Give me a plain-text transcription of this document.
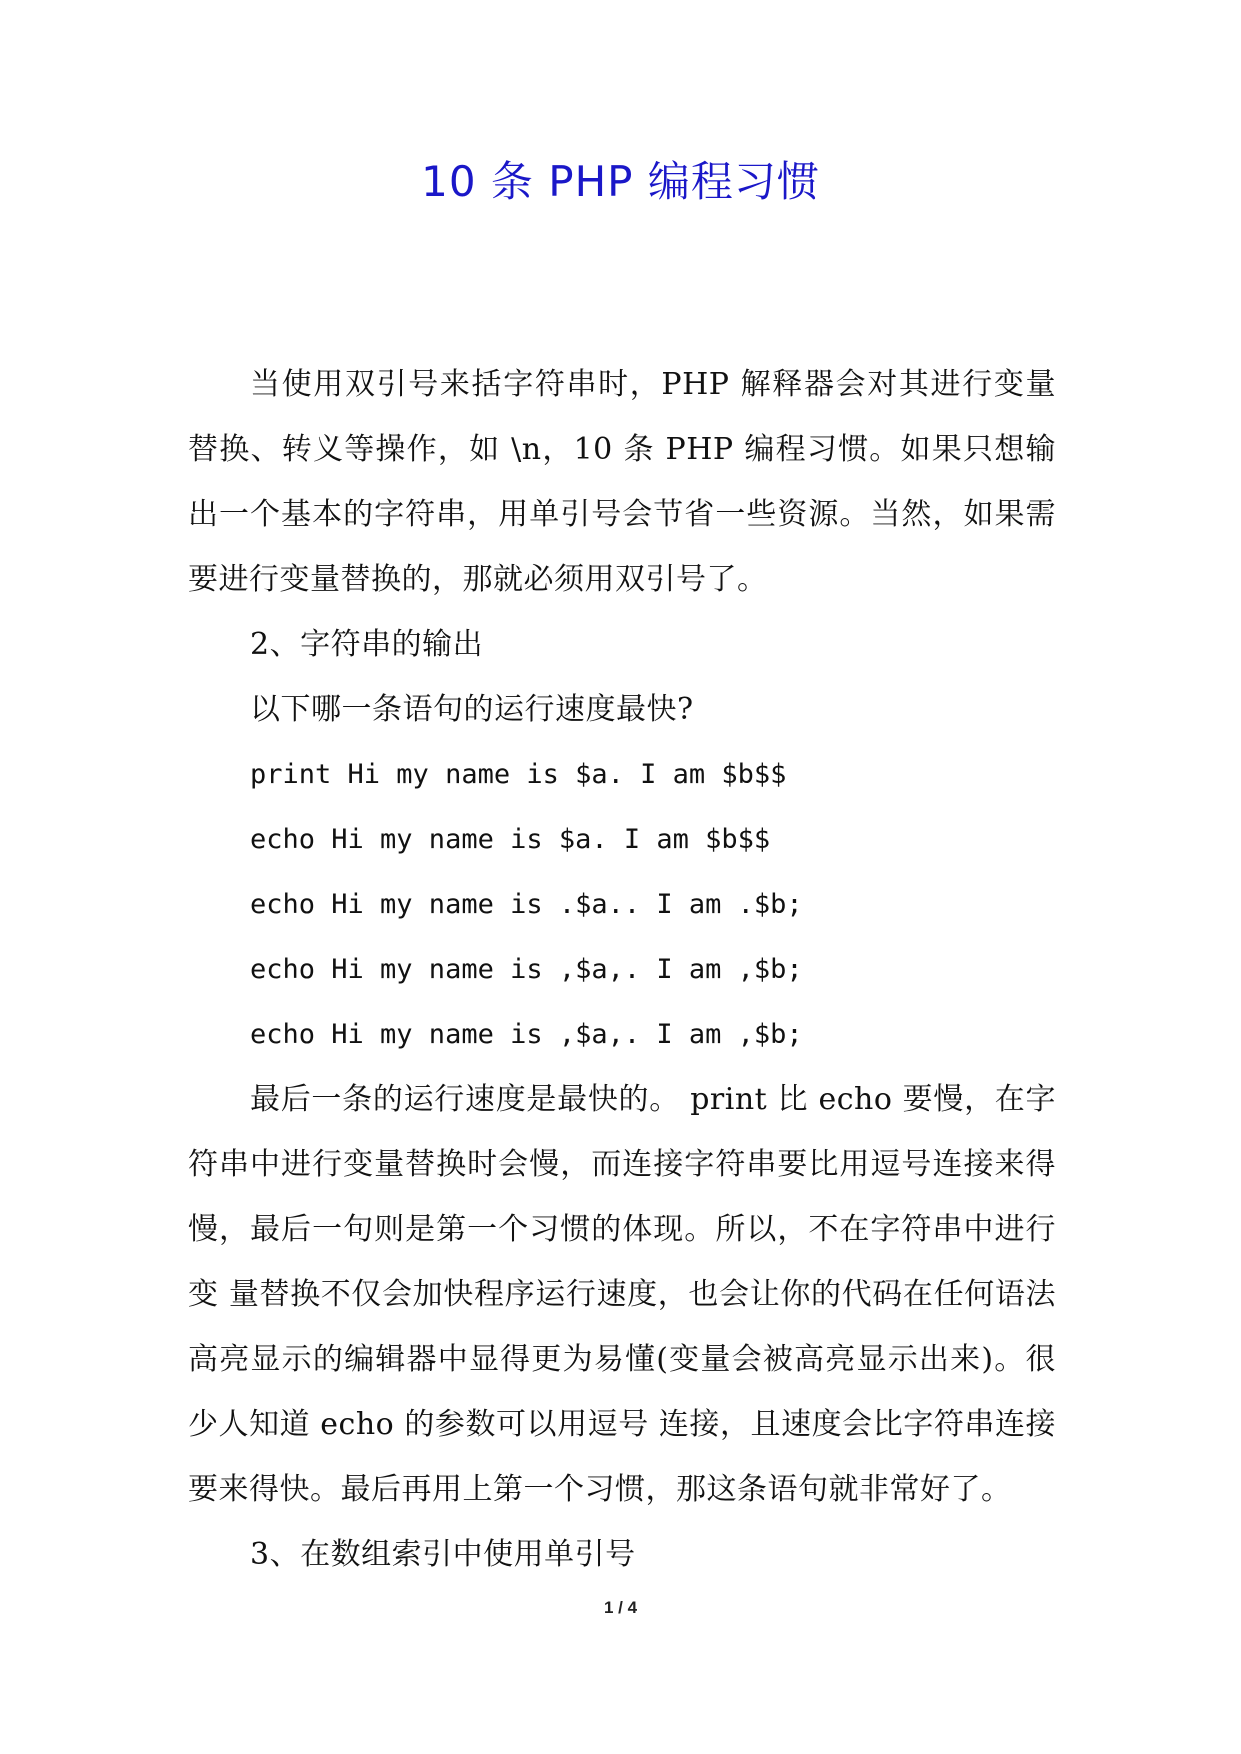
10 条 PHP 编程习惯

当使用双引号来括字符串时，PHP 解释器会对其进行变量替换、转义等操作，如 \n，10 条 PHP 编程习惯。如果只想输出一个基本的字符串，用单引号会节省一些资源。当然，如果需要进行变量替换的，那就必须用双引号了。

2、字符串的输出

以下哪一条语句的运行速度最快?

print Hi my name is $a. I am $b$$

echo Hi my name is $a. I am $b$$

echo Hi my name is .$a.. I am .$b;

echo Hi my name is ,$a,. I am ,$b;

echo Hi my name is ,$a,. I am ,$b;

最后一条的运行速度是最快的。 print 比 echo 要慢，在字符串中进行变量替换时会慢，而连接字符串要比用逗号连接来得慢，最后一句则是第一个习惯的体现。所以，不在字符串中进行变 量替换不仅会加快程序运行速度，也会让你的代码在任何语法高亮显示的编辑器中显得更为易懂(变量会被高亮显示出来)。很少人知道 echo 的参数可以用逗号 连接，且速度会比字符串连接要来得快。最后再用上第一个习惯，那这条语句就非常好了。

3、在数组索引中使用单引号

1 / 4
